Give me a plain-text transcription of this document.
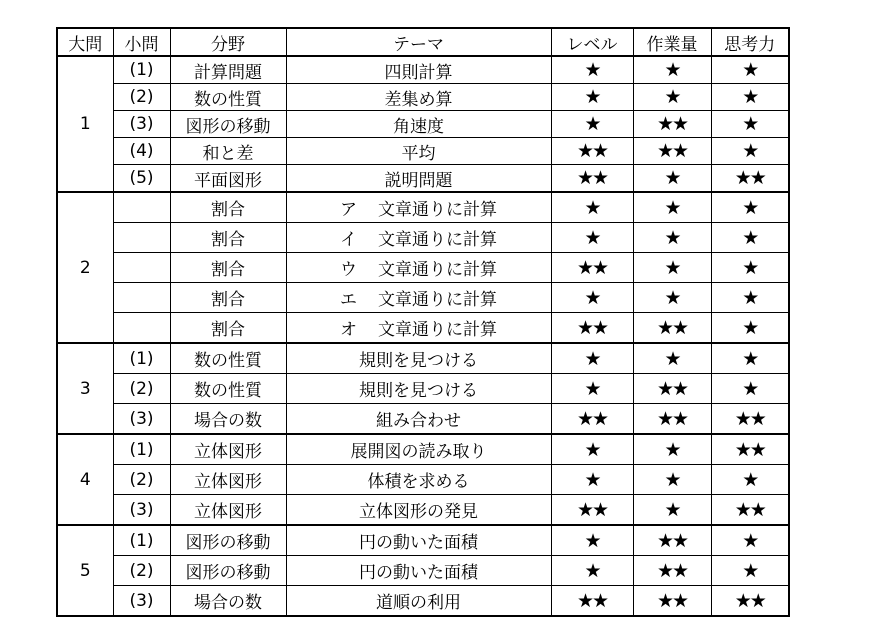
大問	小問	分野	テーマ	レベル	作業量	思考力
1	(1)	計算問題	四則計算	★	★	★
	(2)	数の性質	差集め算	★	★	★
	(3)	図形の移動	角速度	★	★★	★
	(4)	和と差	平均	★★	★★	★
	(5)	平面図形	説明問題	★★	★	★★
2		割合	ア 文章通りに計算	★	★	★
		割合	イ 文章通りに計算	★	★	★
		割合	ウ 文章通りに計算	★★	★	★
		割合	エ 文章通りに計算	★	★	★
		割合	オ 文章通りに計算	★★	★★	★
3	(1)	数の性質	規則を見つける	★	★	★
	(2)	数の性質	規則を見つける	★	★★	★
	(3)	場合の数	組み合わせ	★★	★★	★★
4	(1)	立体図形	展開図の読み取り	★	★	★★
	(2)	立体図形	体積を求める	★	★	★
	(3)	立体図形	立体図形の発見	★★	★	★★
5	(1)	図形の移動	円の動いた面積	★	★★	★
	(2)	図形の移動	円の動いた面積	★	★★	★
	(3)	場合の数	道順の利用	★★	★★	★★
